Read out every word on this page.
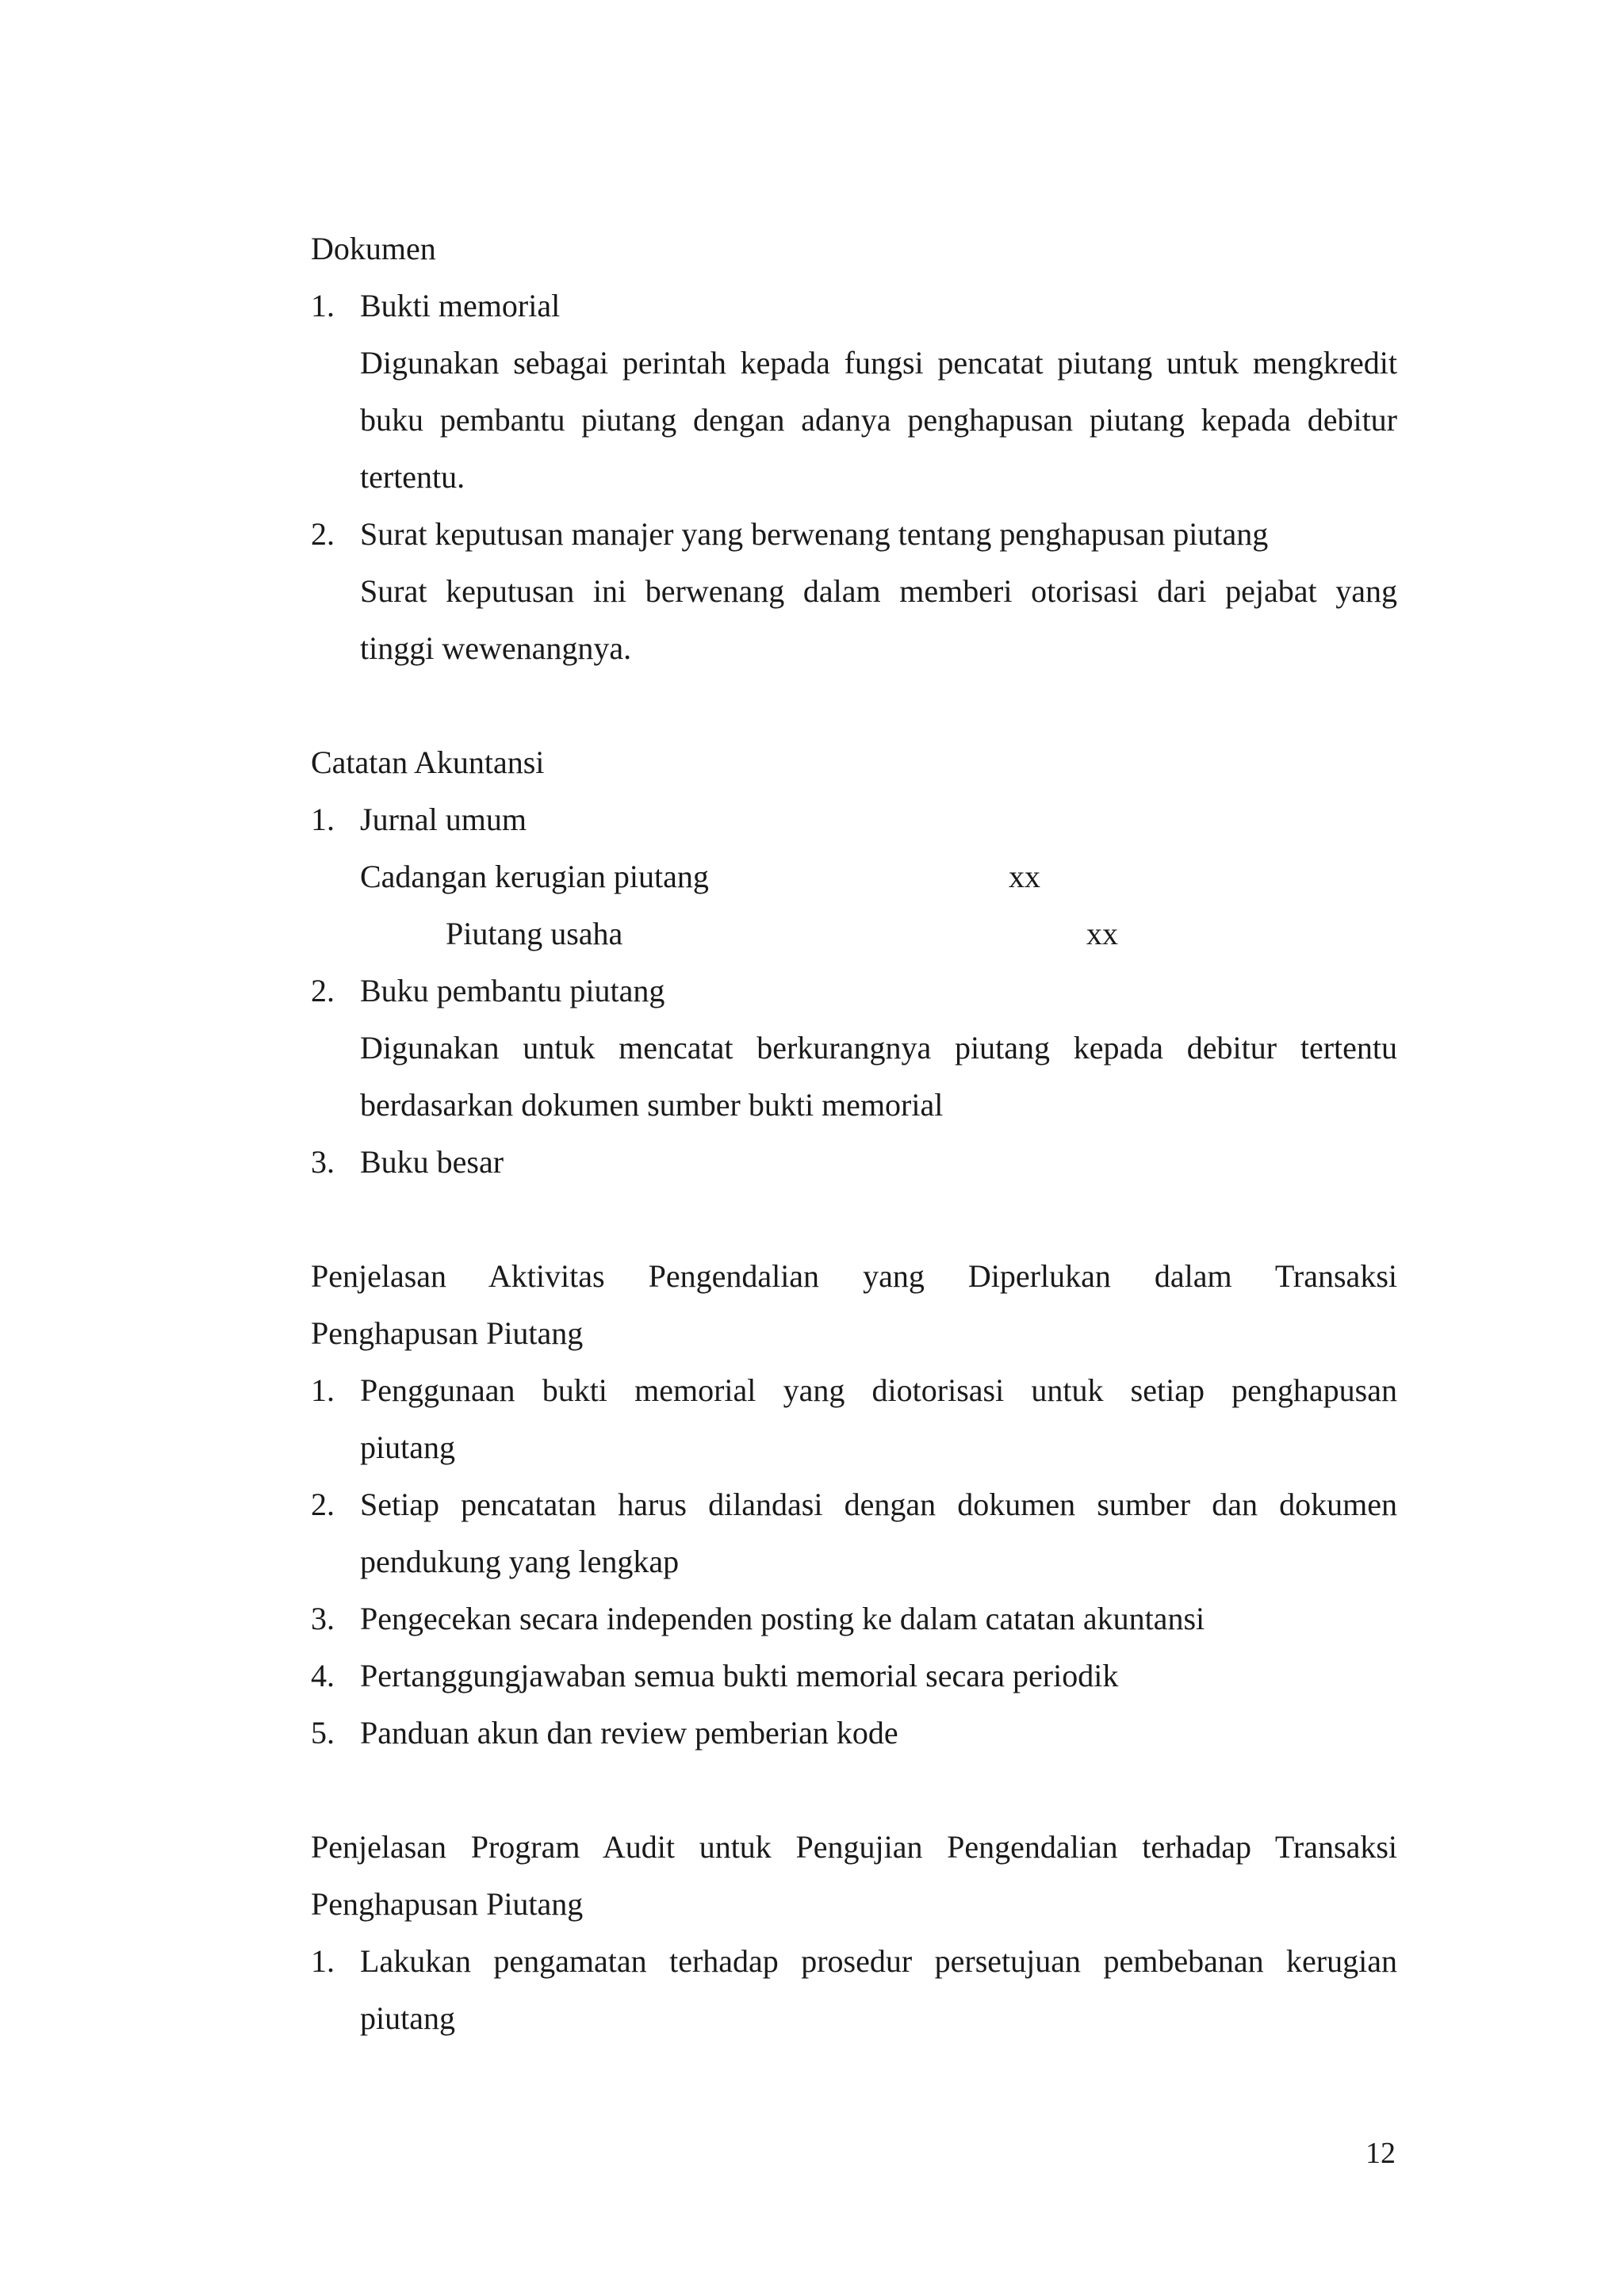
Dokumen
1. Bukti memorial
Digunakan sebagai perintah kepada fungsi pencatat piutang untuk mengkredit
buku pembantu piutang dengan adanya penghapusan piutang kepada debitur
tertentu.
2. Surat keputusan manajer yang berwenang tentang penghapusan piutang
Surat keputusan ini berwenang dalam memberi otorisasi dari pejabat yang
tinggi wewenangnya.
Catatan Akuntansi
1. Jurnal umum
Cadangan kerugian piutang	xx
Piutang usaha	xx
2. Buku pembantu piutang
Digunakan untuk mencatat berkurangnya piutang kepada debitur tertentu
berdasarkan dokumen sumber bukti memorial
3. Buku besar
Penjelasan Aktivitas Pengendalian yang Diperlukan dalam Transaksi
Penghapusan Piutang
1. Penggunaan bukti memorial yang diotorisasi untuk setiap penghapusan
piutang
2. Setiap pencatatan harus dilandasi dengan dokumen sumber dan dokumen
pendukung yang lengkap
3. Pengecekan secara independen posting ke dalam catatan akuntansi
4. Pertanggungjawaban semua bukti memorial secara periodik
5. Panduan akun dan review pemberian kode
Penjelasan Program Audit untuk Pengujian Pengendalian terhadap Transaksi
Penghapusan Piutang
1. Lakukan pengamatan terhadap prosedur persetujuan pembebanan kerugian
piutang
12
